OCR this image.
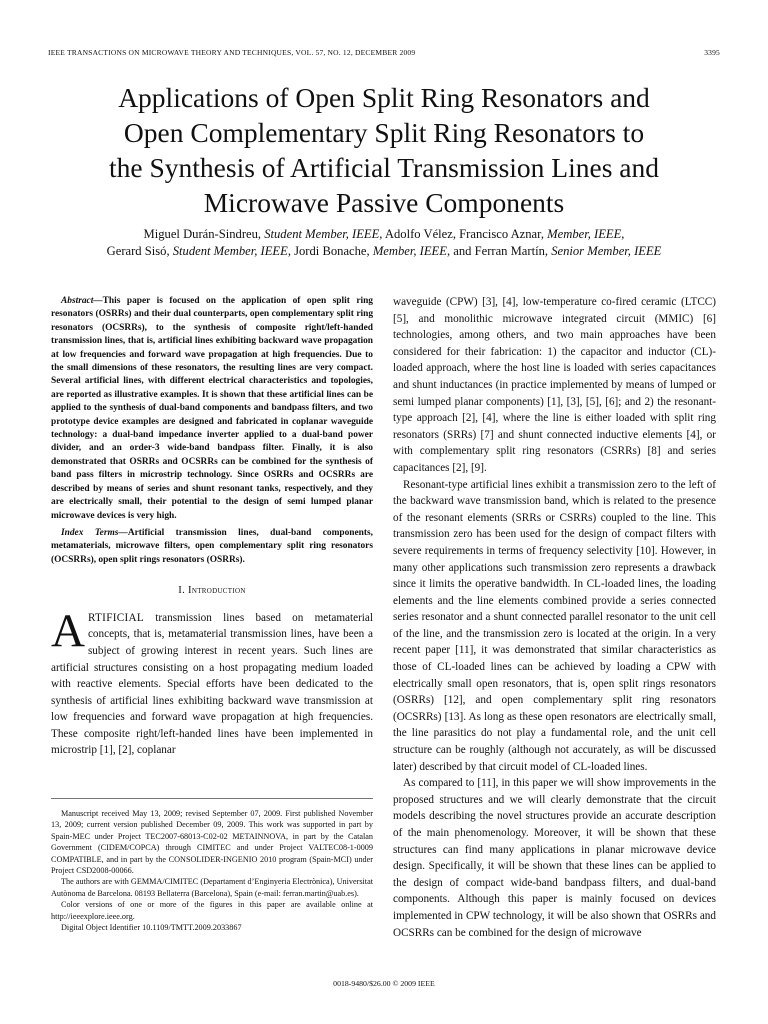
IEEE TRANSACTIONS ON MICROWAVE THEORY AND TECHNIQUES, VOL. 57, NO. 12, DECEMBER 2009	3395
Applications of Open Split Ring Resonators and
Open Complementary Split Ring Resonators to
the Synthesis of Artificial Transmission Lines and
Microwave Passive Components
Miguel Durán-Sindreu, Student Member, IEEE, Adolfo Vélez, Francisco Aznar, Member, IEEE,
Gerard Sisó, Student Member, IEEE, Jordi Bonache, Member, IEEE, and Ferran Martín, Senior Member, IEEE

Abstract—This paper is focused on the application of open split ring resonators (OSRRs) and their dual counterparts, open complementary split ring resonators (OCSRRs), to the synthesis of composite right/left-handed transmission lines, that is, artificial lines exhibiting backward wave propagation at low frequencies and forward wave propagation at high frequencies. Due to the small dimensions of these resonators, the resulting lines are very compact. Several artificial lines, with different electrical characteristics and topologies, are reported as illustrative examples. It is shown that these artificial lines can be applied to the synthesis of dual-band components and bandpass filters, and two prototype device examples are designed and fabricated in coplanar waveguide technology: a dual-band impedance inverter applied to a dual-band power divider, and an order-3 wide-band bandpass filter. Finally, it is also demonstrated that OSRRs and OCSRRs can be combined for the synthesis of band pass filters in microstrip technology. Since OSRRs and OCSRRs are described by means of series and shunt resonant tanks, respectively, and they are electrically small, their potential to the design of semi lumped planar microwave devices is very high.

Index Terms—Artificial transmission lines, dual-band components, metamaterials, microwave filters, open complementary split ring resonators (OCSRRs), open split rings resonators (OSRRs).

I. Introduction

ARTIFICIAL transmission lines based on metamaterial concepts, that is, metamaterial transmission lines, have been a subject of growing interest in recent years. Such lines are artificial structures consisting on a host propagating medium loaded with reactive elements. Special efforts have been dedicated to the synthesis of artificial lines exhibiting backward wave transmission at low frequencies and forward wave propagation at high frequencies. These composite right/left-handed lines have been implemented in microstrip [1], [2], coplanar

Manuscript received May 13, 2009; revised September 07, 2009. First published November 13, 2009; current version published December 09, 2009. This work was supported in part by Spain-MEC under Project TEC2007-68013-C02-02 METAINNOVA, in part by the Catalan Government (CIDEM/COPCA) through CIMITEC and under Project VALTEC08-1-0009 COMPATIBLE, and in part by the CONSOLIDER-INGENIO 2010 program (Spain-MCI) under Project CSD2008-00066.

The authors are with GEMMA/CIMITEC (Departament d’Enginyeria Electrònica), Universitat Autònoma de Barcelona. 08193 Bellaterra (Barcelona), Spain (e-mail: ferran.martin@uab.es).

Color versions of one or more of the figures in this paper are available online at http://ieeexplore.ieee.org.

Digital Object Identifier 10.1109/TMTT.2009.2033867

waveguide (CPW) [3], [4], low-temperature co-fired ceramic (LTCC) [5], and monolithic microwave integrated circuit (MMIC) [6] technologies, among others, and two main approaches have been considered for their fabrication: 1) the capacitor and inductor (CL)-loaded approach, where the host line is loaded with series capacitances and shunt inductances (in practice implemented by means of lumped or semi lumped planar components) [1], [3], [5], [6]; and 2) the resonant-type approach [2], [4], where the line is either loaded with split ring resonators (SRRs) [7] and shunt connected inductive elements [4], or with complementary split ring resonators (CSRRs) [8] and series capacitances [2], [9].

Resonant-type artificial lines exhibit a transmission zero to the left of the backward wave transmission band, which is related to the presence of the resonant elements (SRRs or CSRRs) coupled to the line. This transmission zero has been used for the design of compact filters with severe requirements in terms of frequency selectivity [10]. However, in many other applications such transmission zero represents a drawback since it limits the operative bandwidth. In CL-loaded lines, the loading elements and the line elements combined provide a series connected series resonator and a shunt connected parallel resonator to the unit cell of the line, and the transmission zero is located at the origin. In a very recent paper [11], it was demonstrated that similar characteristics as those of CL-loaded lines can be achieved by loading a CPW with electrically small open resonators, that is, open split rings resonators (OSRRs) [12], and open complementary split ring resonators (OCSRRs) [13]. As long as these open resonators are electrically small, the line parasitics do not play a fundamental role, and the unit cell structure can be roughly (although not accurately, as will be discussed later) described by that circuit model of CL-loaded lines.

As compared to [11], in this paper we will show improvements in the proposed structures and we will clearly demonstrate that the circuit models describing the novel structures provide an accurate description of the main phenomenology. Moreover, it will be shown that these structures can find many applications in planar microwave device design. Specifically, it will be shown that these lines can be applied to the design of compact wide-band bandpass filters, and dual-band components. Although this paper is mainly focused on devices implemented in CPW technology, it will be also shown that OSRRs and OCSRRs can be combined for the design of microwave

0018-9480/$26.00 © 2009 IEEE
